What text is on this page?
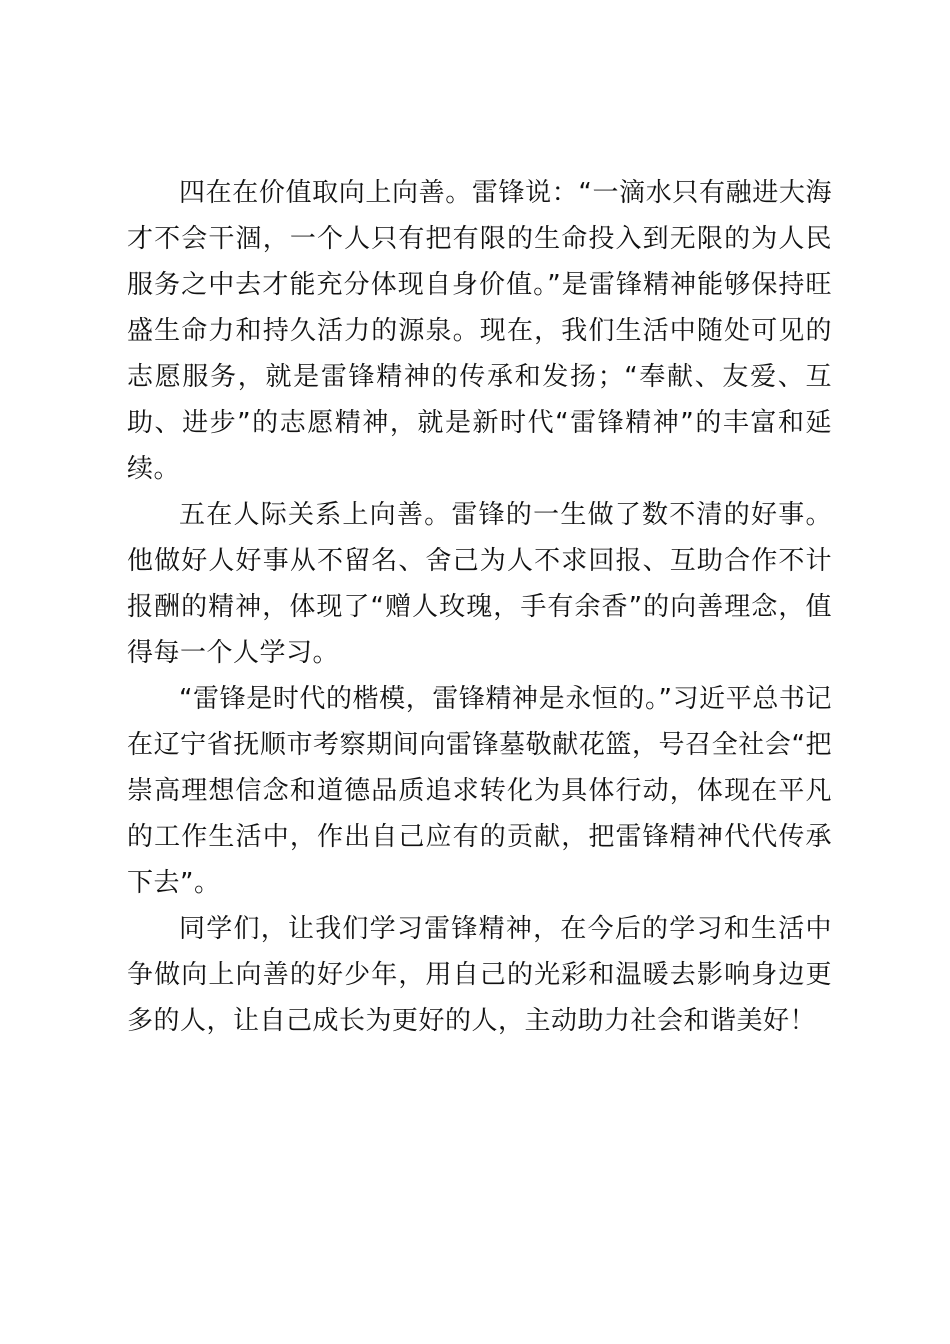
四在在价值取向上向善。雷锋说：“一滴水只有融进大海才不会干涸，一个人只有把有限的生命投入到无限的为人民服务之中去才能充分体现自身价值。”是雷锋精神能够保持旺盛生命力和持久活力的源泉。现在，我们生活中随处可见的志愿服务，就是雷锋精神的传承和发扬；“奉献、友爱、互助、进步”的志愿精神，就是新时代“雷锋精神”的丰富和延续。

五在人际关系上向善。雷锋的一生做了数不清的好事。他做好人好事从不留名、舍己为人不求回报、互助合作不计报酬的精神，体现了“赠人玫瑰，手有余香”的向善理念，值得每一个人学习。

“雷锋是时代的楷模，雷锋精神是永恒的。”习近平总书记在辽宁省抚顺市考察期间向雷锋墓敬献花篮，号召全社会“把崇高理想信念和道德品质追求转化为具体行动，体现在平凡的工作生活中，作出自己应有的贡献，把雷锋精神代代传承下去”。

同学们，让我们学习雷锋精神，在今后的学习和生活中争做向上向善的好少年，用自己的光彩和温暖去影响身边更多的人，让自己成长为更好的人，主动助力社会和谐美好！
